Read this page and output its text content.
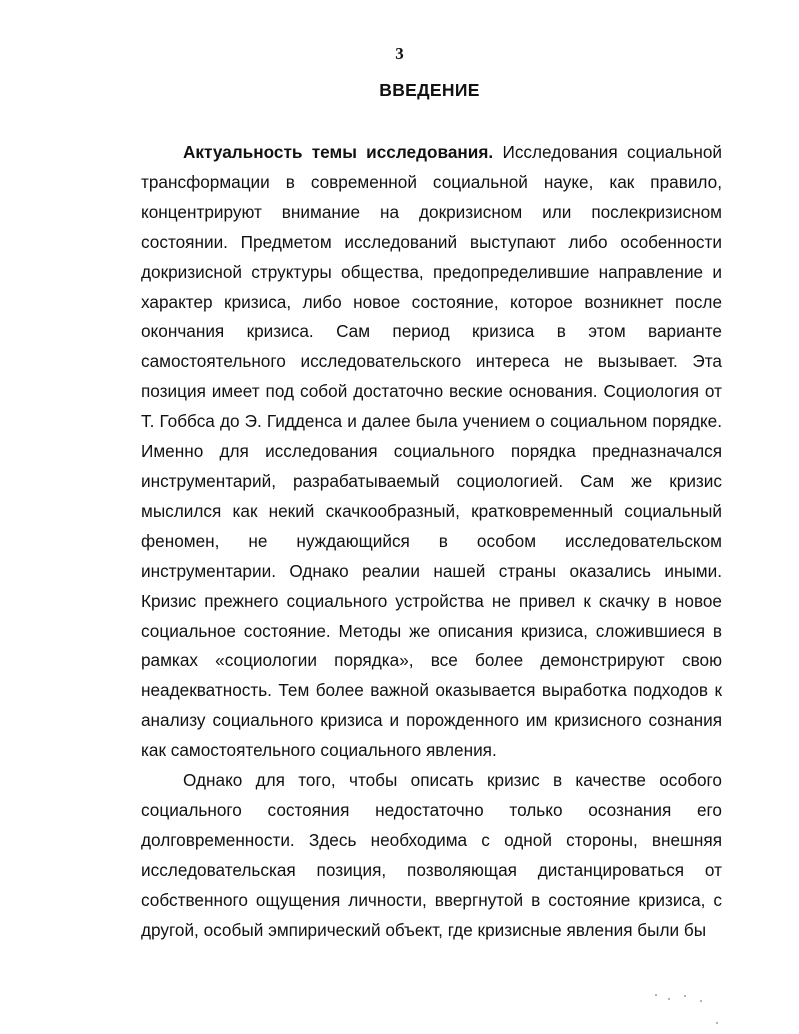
3
ВВЕДЕНИЕ

Актуальность темы исследования. Исследования социальной трансформации в современной социальной науке, как правило, концентрируют внимание на докризисном или послекризисном состоянии. Предметом исследований выступают либо особенности докризисной структуры общества, предопределившие направление и характер кризиса, либо новое состояние, которое возникнет после окончания кризиса. Сам период кризиса в этом варианте самостоятельного исследовательского интереса не вызывает. Эта позиция имеет под собой достаточно веские основания. Социология от Т. Гоббса до Э. Гидденса и далее была учением о социальном порядке. Именно для исследования социального порядка предназначался инструментарий, разрабатываемый социологией. Сам же кризис мыслился как некий скачкообразный, кратковременный социальный феномен, не нуждающийся в особом исследовательском инструментарии. Однако реалии нашей страны оказались иными. Кризис прежнего социального устройства не привел к скачку в новое социальное состояние. Методы же описания кризиса, сложившиеся в рамках «социологии порядка», все более демонстрируют свою неадекватность. Тем более важной оказывается выработка подходов к анализу социального кризиса и порожденного им кризисного сознания как самостоятельного социального явления.

Однако для того, чтобы описать кризис в качестве особого социального состояния недостаточно только осознания его долговременности. Здесь необходима с одной стороны, внешняя исследовательская позиция, позволяющая дистанцироваться от собственного ощущения личности, ввергнутой в состояние кризиса, с другой, особый эмпирический объект, где кризисные явления были бы
